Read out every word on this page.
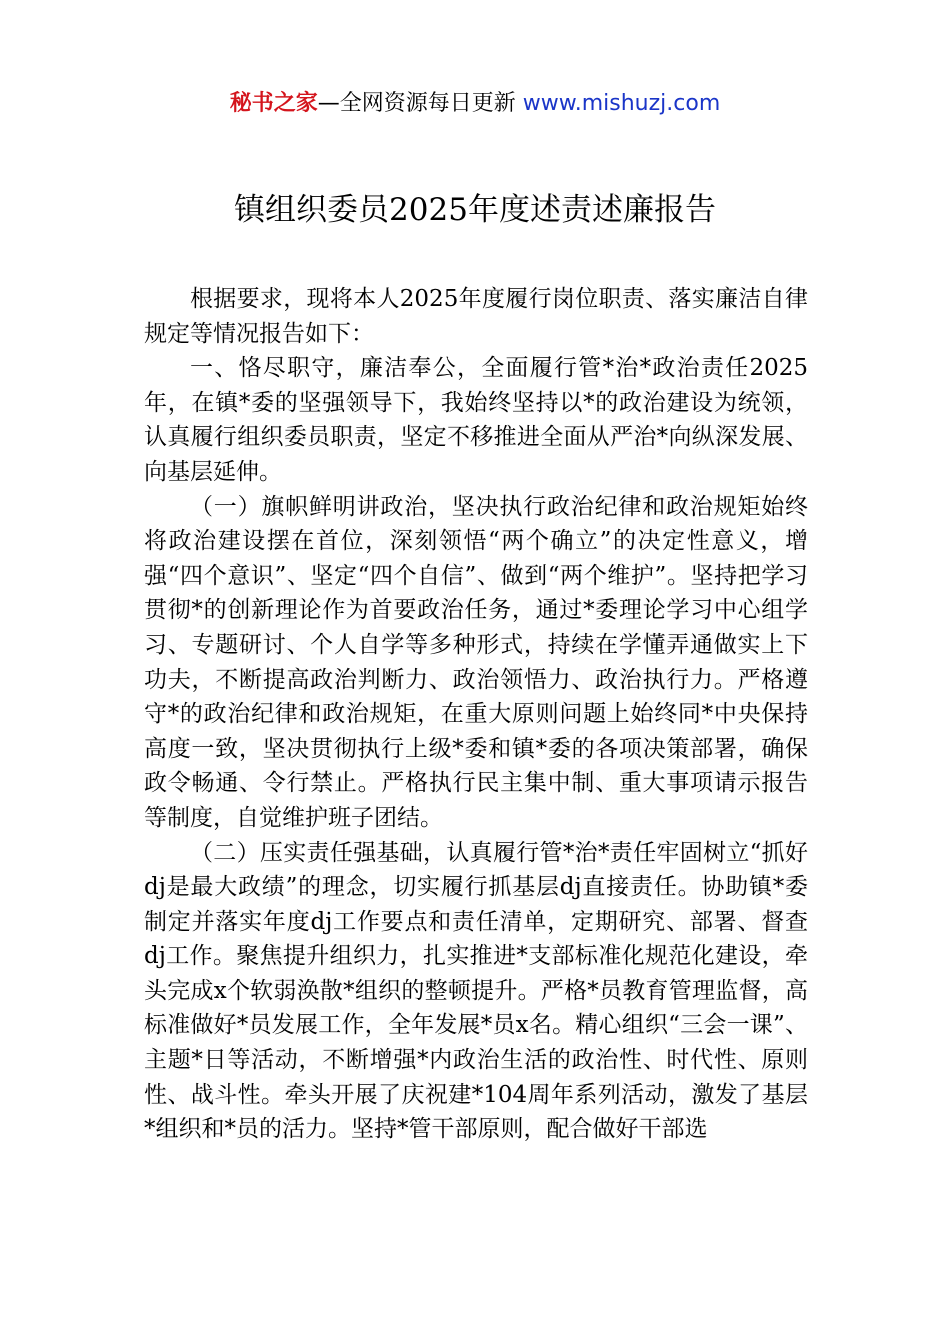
秘书之家—全网资源每日更新 www.mishuzj.com
镇组织委员2025年度述责述廉报告

根据要求，现将本人2025年度履行岗位职责、落实廉洁自律规定等情况报告如下：

一、恪尽职守，廉洁奉公，全面履行管*治*政治责任2025年，在镇*委的坚强领导下，我始终坚持以*的政治建设为统领，认真履行组织委员职责，坚定不移推进全面从严治*向纵深发展、向基层延伸。

（一）旗帜鲜明讲政治，坚决执行政治纪律和政治规矩始终将政治建设摆在首位，深刻领悟“两个确立”的决定性意义，增强“四个意识”、坚定“四个自信”、做到“两个维护”。坚持把学习贯彻*的创新理论作为首要政治任务，通过*委理论学习中心组学习、专题研讨、个人自学等多种形式，持续在学懂弄通做实上下功夫，不断提高政治判断力、政治领悟力、政治执行力。严格遵守*的政治纪律和政治规矩，在重大原则问题上始终同*中央保持高度一致，坚决贯彻执行上级*委和镇*委的各项决策部署，确保政令畅通、令行禁止。严格执行民主集中制、重大事项请示报告等制度，自觉维护班子团结。

（二）压实责任强基础，认真履行管*治*责任牢固树立“抓好dj是最大政绩”的理念，切实履行抓基层dj直接责任。协助镇*委制定并落实年度dj工作要点和责任清单，定期研究、部署、督查dj工作。聚焦提升组织力，扎实推进*支部标准化规范化建设，牵头完成x个软弱涣散*组织的整顿提升。严格*员教育管理监督，高标准做好*员发展工作，全年发展*员x名。精心组织“三会一课”、主题*日等活动，不断增强*内政治生活的政治性、时代性、原则性、战斗性。牵头开展了庆祝建*104周年系列活动，激发了基层*组织和*员的活力。坚持*管干部原则，配合做好干部选
